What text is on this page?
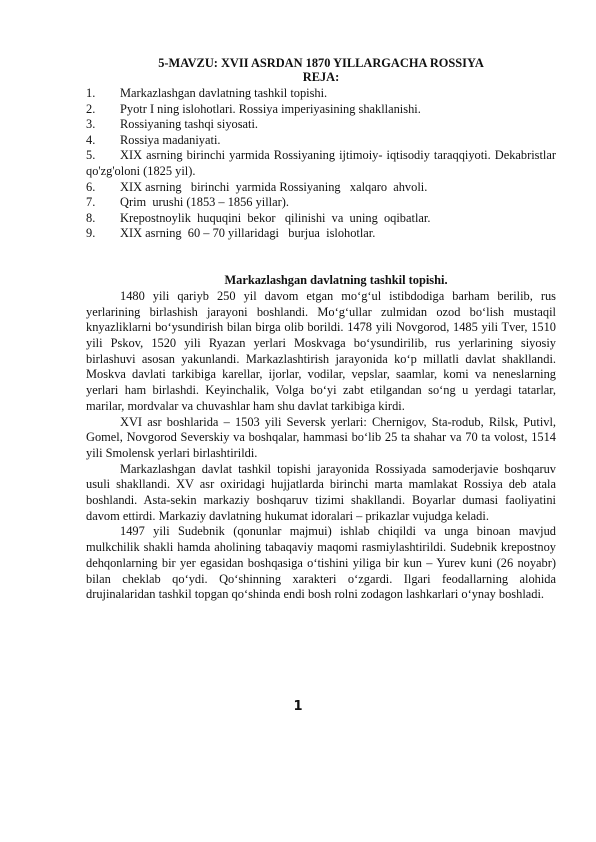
5-MAVZU: XVII ASRDAN 1870 YILLARGACHA ROSSIYA

REJA:

1.	Markazlashgan davlatning tashkil topishi.
2.	Pyotr I ning islohotlari. Rossiya imperiyasining shakllanishi.
3.	Rossiyaning tashqi siyosati.
4.	Rossiya madaniyati.
5. XIX asrning birinchi yarmida Rossiyaning ijtimoiy- iqtisodiy taraqqiyoti. Dekabristlar qo'zg'oloni (1825 yil).
6.	XIX asrning   birinchi  yarmida Rossiyaning   xalqaro  ahvoli.
7.	Qrim  urushi (1853 – 1856 yillar).
8.	Krepostnoylik  huquqini  bekor   qilinishi  va  uning  oqibatlar.
9.	XIX asrning  60 – 70 yillaridagi   burjua  islohotlar.

Markazlashgan davlatning tashkil topishi.

1480 yili qariyb 250 yil davom etgan mo‘g‘ul istibdodiga barham berilib, rus yerlarining birlashish jarayoni boshlandi. Mo‘g‘ullar zulmidan ozod bo‘lish mustaqil knyazliklarni bo‘ysundirish bilan birga olib borildi. 1478 yili Novgorod, 1485 yili Tver, 1510 yili Pskov, 1520 yili Ryazan yerlari Moskvaga bo‘ysundirilib, rus yerlarining siyosiy birlashuvi asosan yakunlandi. Markazlashtirish jarayonida ko‘p millatli davlat shakllandi. Moskva davlati tarkibiga karellar, ijorlar, vodilar, vepslar, saamlar, komi va neneslarning yerlari ham birlashdi. Keyinchalik, Volga bo‘yi zabt etilgandan so‘ng u yerdagi tatarlar, marilar, mordvalar va chuvashlar ham shu davlat tarkibiga kirdi.

XVI asr boshlarida – 1503 yili Seversk yerlari: Chernigov, Sta-rodub, Rilsk, Putivl, Gomel, Novgorod Severskiy va boshqalar, hammasi bo‘lib 25 ta shahar va 70 ta volost, 1514 yili Smolensk yerlari birlashtirildi.

Markazlashgan davlat tashkil topishi jarayonida Rossiyada samoderjavie boshqaruv usuli shakllandi. XV asr oxiridagi hujjatlarda birinchi marta mamlakat Rossiya deb atala boshlandi. Asta-sekin markaziy boshqaruv tizimi shakllandi. Boyarlar dumasi faoliyatini davom ettirdi. Markaziy davlatning hukumat idoralari – prikazlar vujudga keladi.

1497 yili Sudebnik (qonunlar majmui) ishlab chiqildi va unga binoan mavjud mulkchilik shakli hamda aholining tabaqaviy maqomi rasmiylashtirildi. Sudebnik krepostnoy dehqonlarning bir yer egasidan boshqasiga o‘tishini yiliga bir kun – Yurev kuni (26 noyabr) bilan cheklab qo‘ydi. Qo‘shinning xarakteri o‘zgardi. Ilgari feodallarning alohida drujinalaridan tashkil topgan qo‘shinda endi bosh rolni zodagon lashkarlari o‘ynay boshladi.

1
